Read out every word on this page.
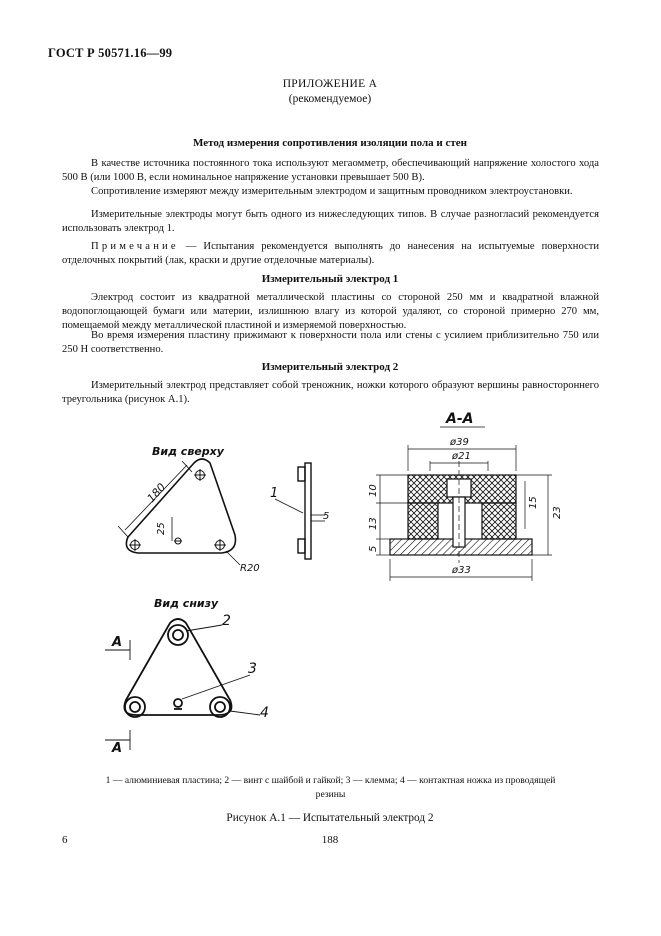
ГОСТ Р 50571.16—99
ПРИЛОЖЕНИЕ А
(рекомендуемое)
Метод измерения сопротивления изоляции пола и стен
В качестве источника постоянного тока используют мегаомметр, обеспечивающий напряжение холостого хода 500 В (или 1000 В, если номинальное напряжение установки превышает 500 В).
Сопротивление измеряют между измерительным электродом и защитным проводником электроустановки.
Измерительные электроды могут быть одного из нижеследующих типов. В случае разногласий рекомендуется использовать электрод 1.
Примечание — Испытания рекомендуется выполнять до нанесения на испытуемые поверхности отделочных покрытий (лак, краски и другие отделочные материалы).
Измерительный электрод 1
Электрод состоит из квадратной металлической пластины со стороной 250 мм и квадратной влажной водопоглощающей бумаги или материи, излишнюю влагу из которой удаляют, со стороной примерно 270 мм, помещаемой между металлической пластиной и измеряемой поверхностью.
Во время измерения пластину прижимают к поверхности пола или стены с усилием приблизительно 750 или 250 Н соответственно.
Измерительный электрод 2
Измерительный электрод представляет собой треножник, ножки которого образуют вершины равностороннего треугольника (рисунок А.1).
Вид сверху
180
25
R20
1
5
А-А
ø39
ø21
ø33
10
13
5
15
23
Вид снизу
2
3
4
А
А
1 — алюминиевая пластина; 2 — винт с шайбой и гайкой; 3 — клемма; 4 — контактная ножка из проводящей резины
Рисунок А.1 — Испытательный электрод 2
6	188
